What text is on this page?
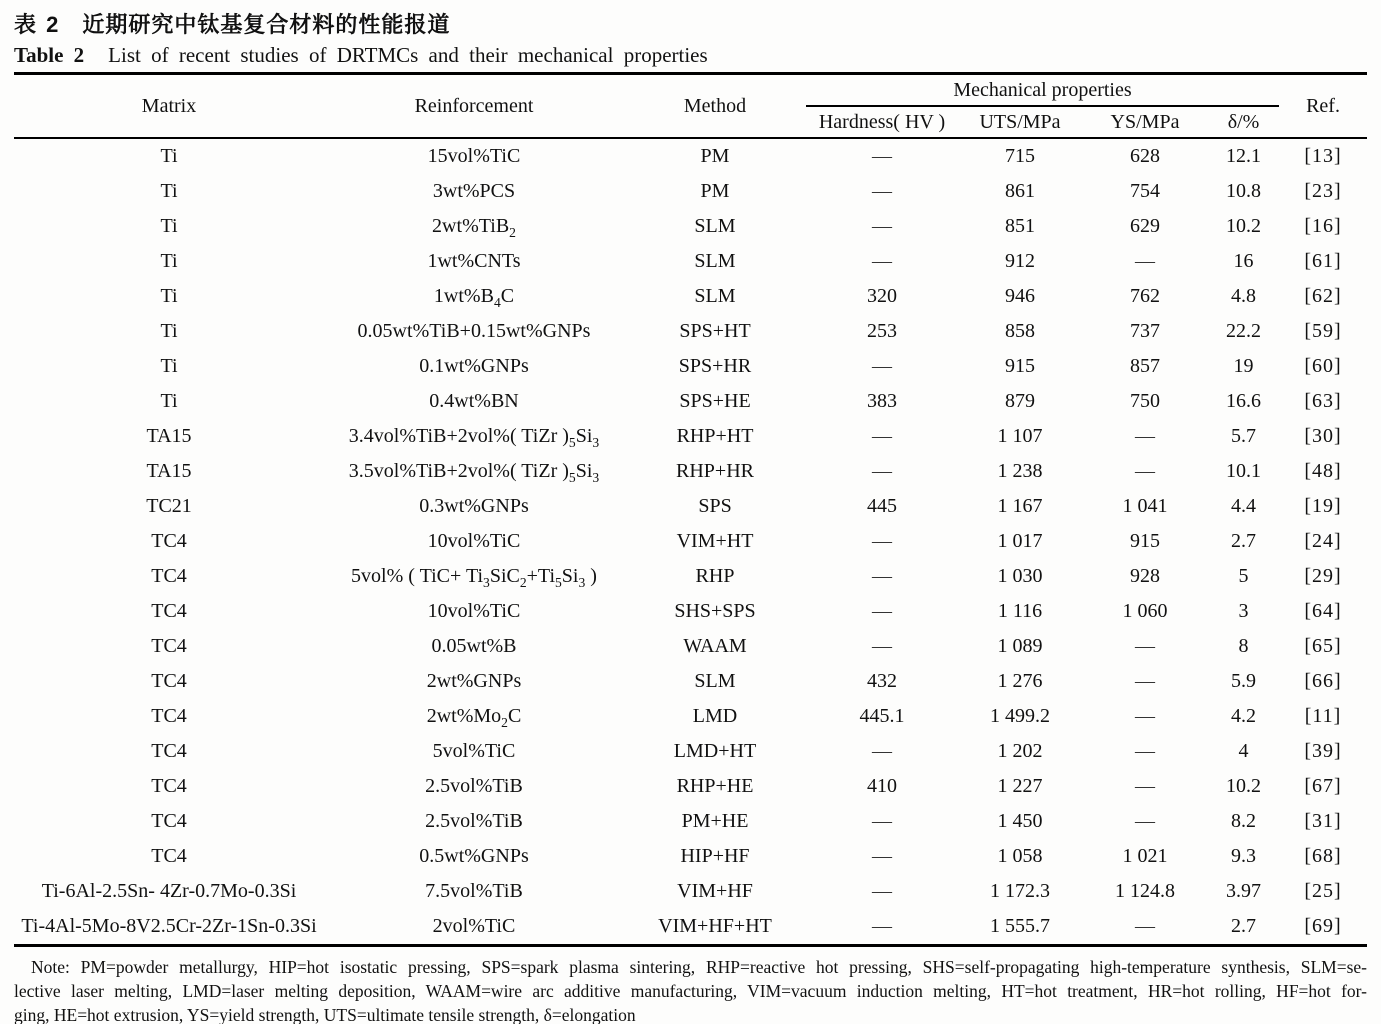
表 2 近期研究中钛基复合材料的性能报道
Table 2 List of recent studies of DRTMCs and their mechanical properties
Matrix	Reinforcement	Method	Mechanical properties				Ref.
			Hardness( HV )	UTS/MPa	YS/MPa	δ/%	
Ti	15vol%TiC	PM	—	715	628	12.1	[13]
Ti	3wt%PCS	PM	—	861	754	10.8	[23]
Ti	2wt%TiB$_2$	SLM	—	851	629	10.2	[16]
Ti	1wt%CNTs	SLM	—	912	—	16	[61]
Ti	$1wt\%B_4C$	SLM	320	946	762	4.8	[62]
Ti	0.05wt%TiB+0.15wt%GNPs	SPS+HT	253	858	737	22.2	[59]
Ti	0.1wt%GNPs	SPS+HR	—	915	857	19	[60]
Ti	0.4wt%BN	SPS+HE	383	879	750	16.6	[63]
TA15	3.4vol%TiB+2vol%( TiZr )$_5Si_3$	RHP+HT	—	1 107	—	5.7	[30]
TA15	3.5vol%TiB+2vol%( TiZr )$_5Si_3$	RHP+HR	—	1 238	—	10.1	[48]
TC21	0.3wt%GNPs	SPS	445	1 167	1 041	4.4	[19]
TC4	10vol%TiC	VIM+HT	—	1 017	915	2.7	[24]
TC4	5vol% ( $TiC+ Ti_3SiC_2+Ti_5Si_3$ )	RHP	—	1 030	928	5	[29]
TC4	10vol%TiC	SHS+SPS	—	1 116	1 060	3	[64]
TC4	0.05wt%B	WAAM	—	1 089	—	8	[65]
TC4	2wt%GNPs	SLM	432	1 276	—	5.9	[66]
TC4	$2wt\%Mo_2C$	LMD	445.1	1 499.2	—	4.2	[11]
TC4	5vol%TiC	LMD+HT	—	1 202	—	4	[39]
TC4	2.5vol%TiB	RHP+HE	410	1 227	—	10.2	[67]
TC4	2.5vol%TiB	PM+HE	—	1 450	—	8.2	[31]
TC4	0.5wt%GNPs	HIP+HF	—	1 058	1 021	9.3	[68]
Ti-6Al-2.5Sn- 4Zr-0.7Mo-0.3Si	7.5vol%TiB	VIM+HF	—	1 172.3	1 124.8	3.97	[25]
Ti-4Al-5Mo-8V2.5Cr-2Zr-1Sn-0.3Si	2vol%TiC	VIM+HF+HT	—	1 555.7	—	2.7	[69]
Note: PM=powder metallurgy, HIP=hot isostatic pressing, SPS=spark plasma sintering, RHP=reactive hot pressing, SHS=self-propagating high-temperature synthesis, SLM=se-
lective laser melting, LMD=laser melting deposition, WAAM=wire arc additive manufacturing, VIM=vacuum induction melting, HT=hot treatment, HR=hot rolling, HF=hot for-
ging, HE=hot extrusion, YS=yield strength, UTS=ultimate tensile strength, δ=elongation
